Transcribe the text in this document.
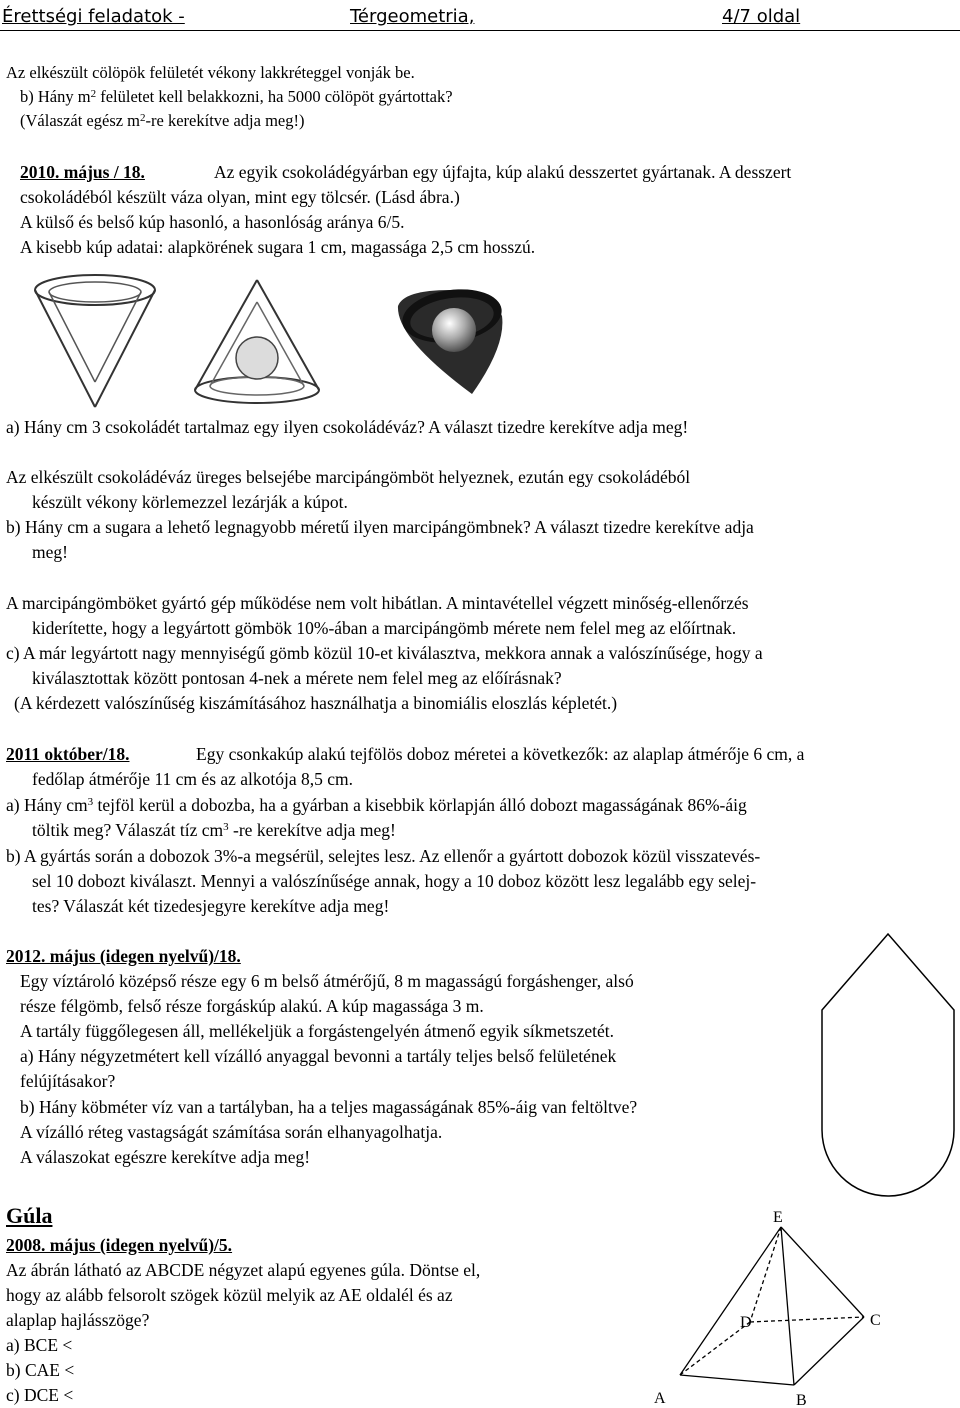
Érettségi feladatok -	Térgeometria,	4/7 oldal
Az elkészült cölöpök felületét vékony lakkréteggel vonják be.
b) Hány $m^2$ felületet kell belakkozni, ha 5000 cölöpöt gyártottak?
(Válaszát egész $m^2-re$ kerekítve adja meg!)
2010. május / 18.	Az egyik csokoládégyárban egy újfajta, kúp alakú desszertet gyártanak. A desszert
csokoládéból készült váza olyan, mint egy tölcsér. (Lásd ábra.)
A külső és belső kúp hasonló, a hasonlóság aránya 6/5.
A kisebb kúp adatai: alapkörének sugara 1 cm, magassága 2,5 cm hosszú.
a) Hány cm 3 csokoládét tartalmaz egy ilyen csokoládéváz? A választ tizedre kerekítve adja meg!
Az elkészült csokoládéváz üreges belsejébe marcipángömböt helyeznek, ezután egy csokoládéból
készült vékony körlemezzel lezárják a kúpot.
b) Hány cm a sugara a lehető legnagyobb méretű ilyen marcipángömbnek? A választ tizedre kerekítve adja
meg!
A marcipángömböket gyártó gép működése nem volt hibátlan. A mintavétellel végzett minőség-ellenőrzés
kiderítette, hogy a legyártott gömbök 10%-ában a marcipángömb mérete nem felel meg az előírtnak.
c) A már legyártott nagy mennyiségű gömb közül 10-et kiválasztva, mekkora annak a valószínűsége, hogy a
kiválasztottak között pontosan 4-nek a mérete nem felel meg az előírásnak?
(A kérdezett valószínűség kiszámításához használhatja a binomiális eloszlás képletét.)
2011 október/18.	Egy csonkakúp alakú tejfölös doboz méretei a következők: az alaplap átmérője 6 cm, a
fedőlap átmérője 11 cm és az alkotója 8,5 cm.
a) Hány $cm^3$ tejföl kerül a dobozba, ha a gyárban a kisebbik körlapján álló dobozt magasságának 86%-áig
töltik meg? Válaszát tíz $cm^3$ -re kerekítve adja meg!
b) A gyártás során a dobozok 3%-a megsérül, selejtes lesz. Az ellenőr a gyártott dobozok közül visszatevés-
sel 10 dobozt kiválaszt. Mennyi a valószínűsége annak, hogy a 10 doboz között lesz legalább egy selej-
tes? Válaszát két tizedesjegyre kerekítve adja meg!
2012. május (idegen nyelvű)/18.
Egy víztároló középső része egy 6 m belső átmérőjű, 8 m magasságú forgáshenger, alsó
része félgömb, felső része forgáskúp alakú. A kúp magassága 3 m.
A tartály függőlegesen áll, mellékeljük a forgástengelyén átmenő egyik síkmetszetét.
a) Hány négyzetmétert kell vízálló anyaggal bevonni a tartály teljes belső felületének
felújításakor?
b) Hány köbméter víz van a tartályban, ha a teljes magasságának 85%-áig van feltöltve?
A vízálló réteg vastagságát számítása során elhanyagolhatja.
A válaszokat egészre kerekítve adja meg!
Gúla
2008. május (idegen nyelvű)/5.
Az ábrán látható az ABCDE négyzet alapú egyenes gúla. Döntse el,
hogy az alább felsorolt szögek közül melyik az AE oldalél és az
alaplap hajlásszöge?
a) BCE <
b) CAE <
c) DCE <
E
D	C
A	B
